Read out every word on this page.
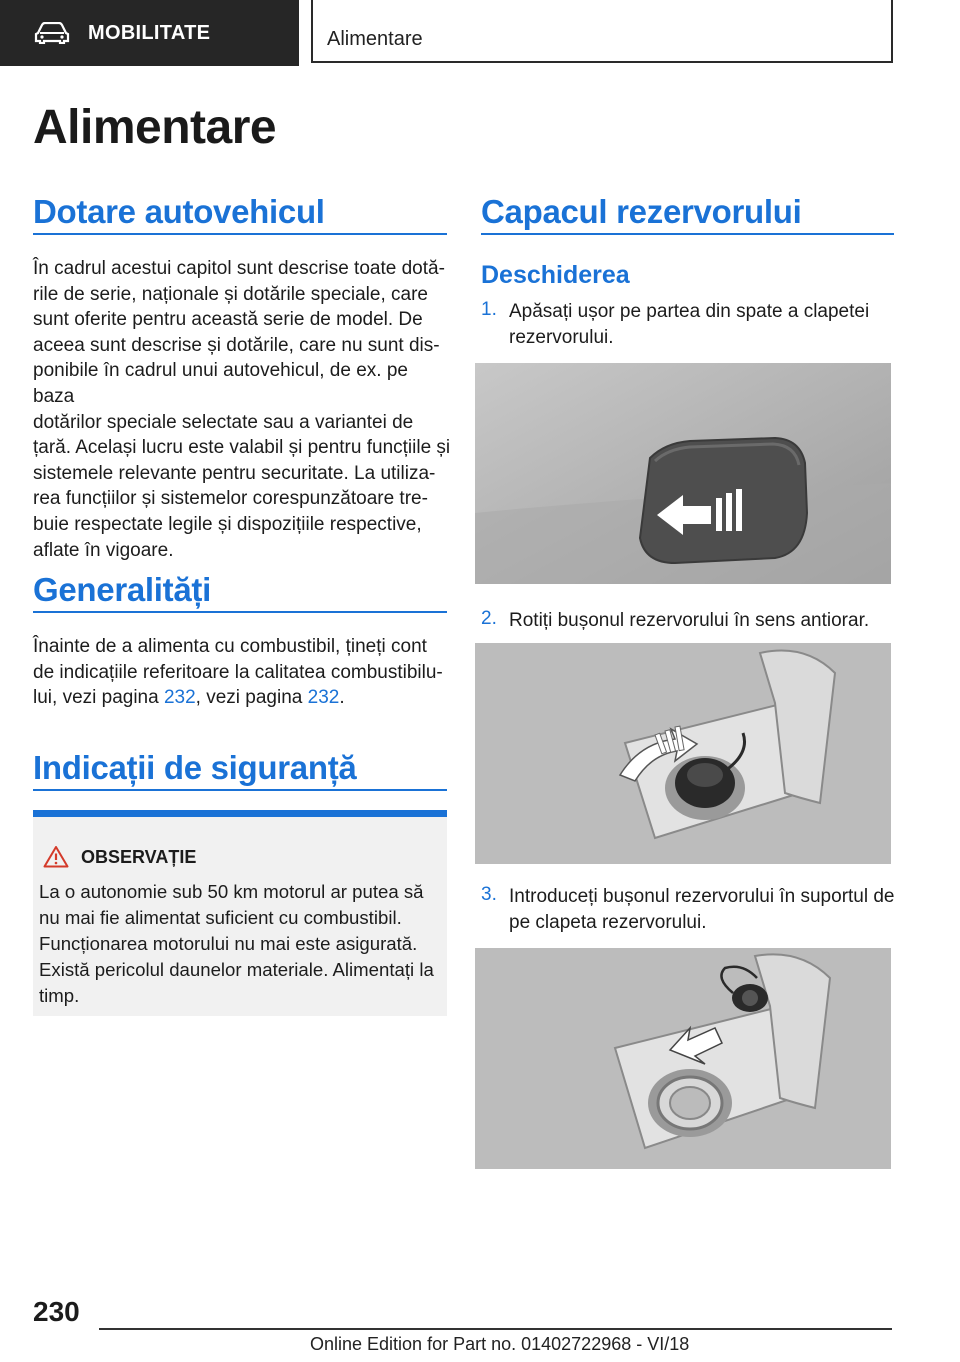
MOBILITATE	Alimentare
Alimentare
Dotare autovehicul
În cadrul acestui capitol sunt descrise toate dotă-
rile de serie, naționale și dotările speciale, care
sunt oferite pentru această serie de model. De
aceea sunt descrise și dotările, care nu sunt dis-
ponibile în cadrul unui autovehicul, de ex. pe baza
dotărilor speciale selectate sau a variantei de
țară. Același lucru este valabil și pentru funcțiile și
sistemele relevante pentru securitate. La utiliza-
rea funcțiilor și sistemelor corespunzătoare tre-
buie respectate legile și dispozițiile respective,
aflate în vigoare.
Generalități
Înainte de a alimenta cu combustibil, țineți cont
de indicațiile referitoare la calitatea combustibilu-
lui, vezi pagina 232, vezi pagina 232.
Indicații de siguranță
OBSERVAȚIE
La o autonomie sub 50 km motorul ar putea să
nu mai fie alimentat suficient cu combustibil.
Funcționarea motorului nu mai este asigurată.
Există pericolul daunelor materiale. Alimentați la
timp.
Capacul rezervorului
Deschiderea
1. Apăsați ușor pe partea din spate a clapetei
rezervorului.
2. Rotiți bușonul rezervorului în sens antiorar.
3. Introduceți bușonul rezervorului în suportul de
pe clapeta rezervorului.
230
Online Edition for Part no. 01402722968 - VI/18
